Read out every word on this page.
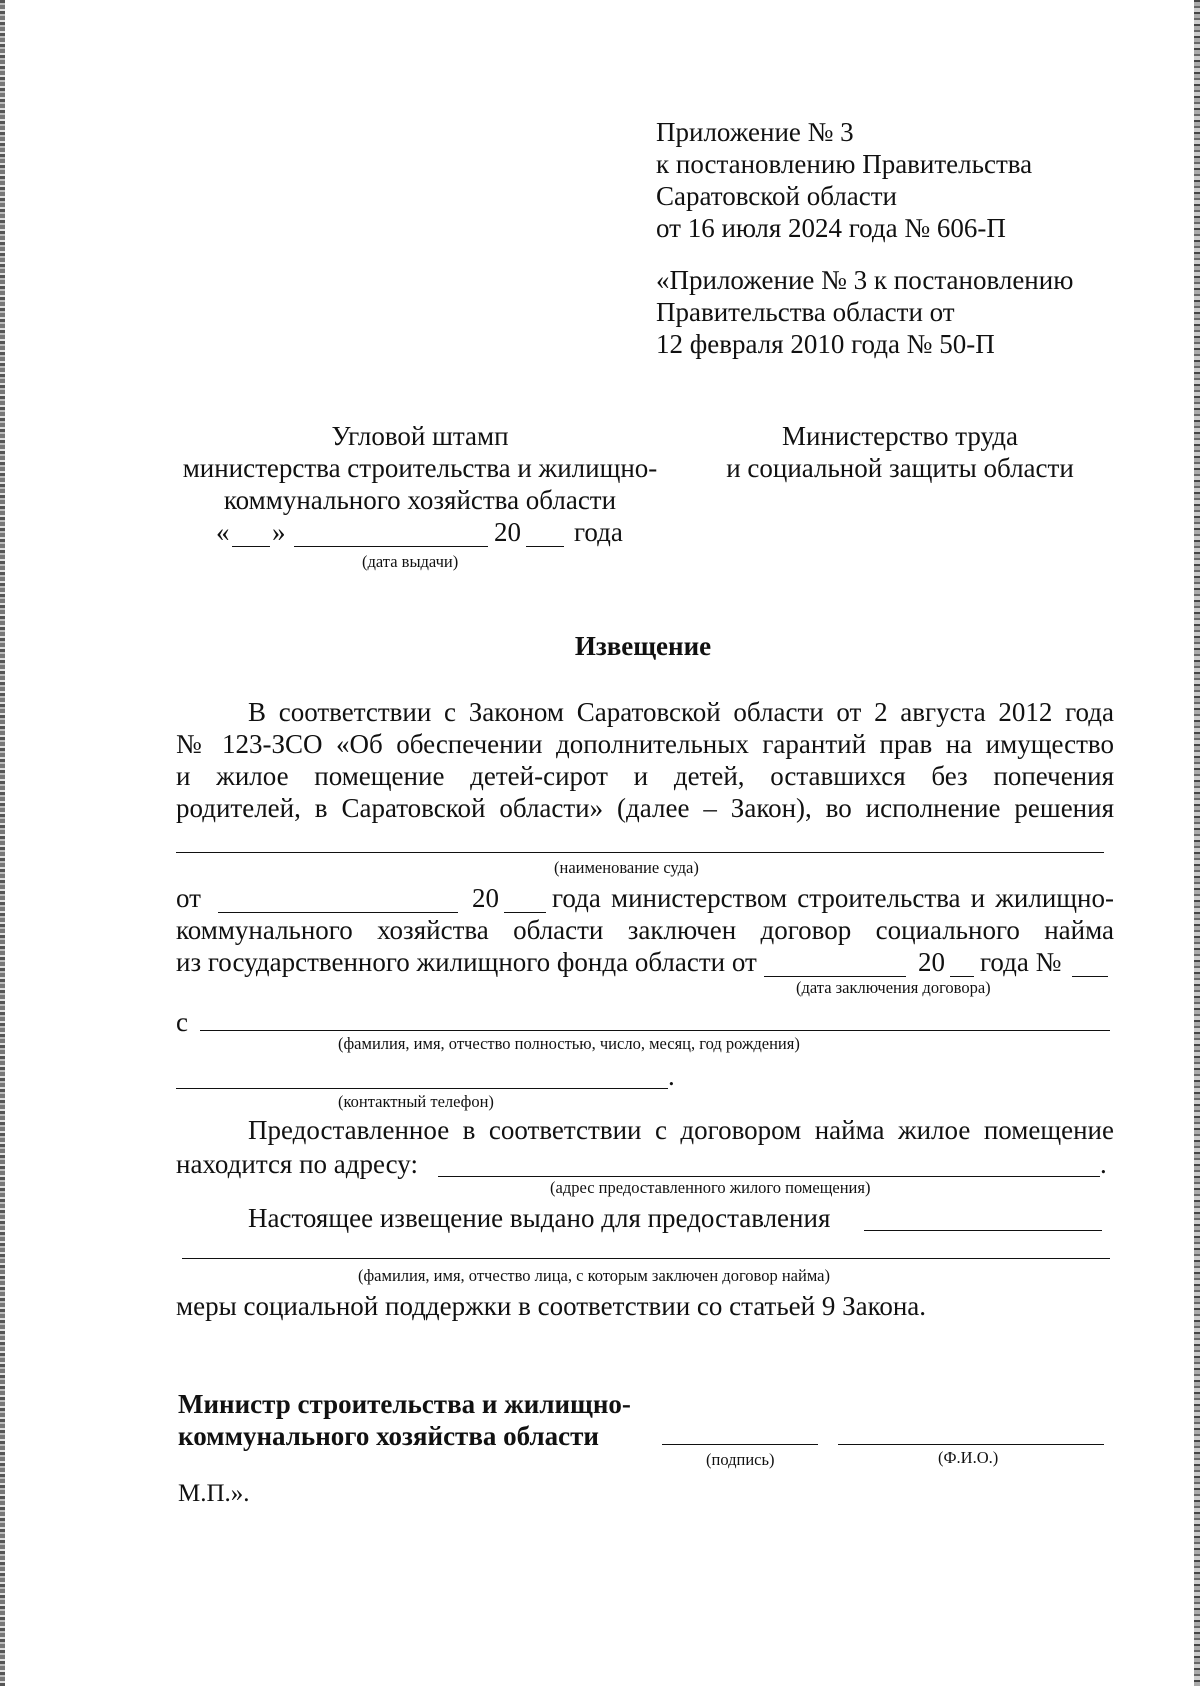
Приложение № 3
к постановлению Правительства
Саратовской области
от 16 июля 2024 года № 606-П
«Приложение № 3 к постановлению
Правительства области от
12 февраля 2010 года № 50-П
Угловой штамп
министерства строительства и жилищно-
коммунального хозяйства области
« »	20 года
(дата выдачи)
Министерство труда
и социальной защиты области
Извещение
В соответствии с Законом Саратовской области от 2 августа 2012 года
№ 123-ЗСО «Об обеспечении дополнительных гарантий прав на имущество
и жилое помещение детей-сирот и детей, оставшихся без попечения
родителей, в Саратовской области» (далее – Закон), во исполнение решения
(наименование суда)
от	20 года министерством строительства и жилищно-
коммунального хозяйства области заключен договор социального найма
из государственного жилищного фонда области от	20 года №
(дата заключения договора)
с
(фамилия, имя, отчество полностью, число, месяц, год рождения)
.
(контактный телефон)
Предоставленное в соответствии с договором найма жилое помещение
находится по адресу:	.
(адрес предоставленного жилого помещения)
Настоящее извещение выдано для предоставления
(фамилия, имя, отчество лица, с которым заключен договор найма)
меры социальной поддержки в соответствии со статьей 9 Закона.
Министр строительства и жилищно-
коммунального хозяйства области
(подпись)	(Ф.И.О.)
М.П.».
